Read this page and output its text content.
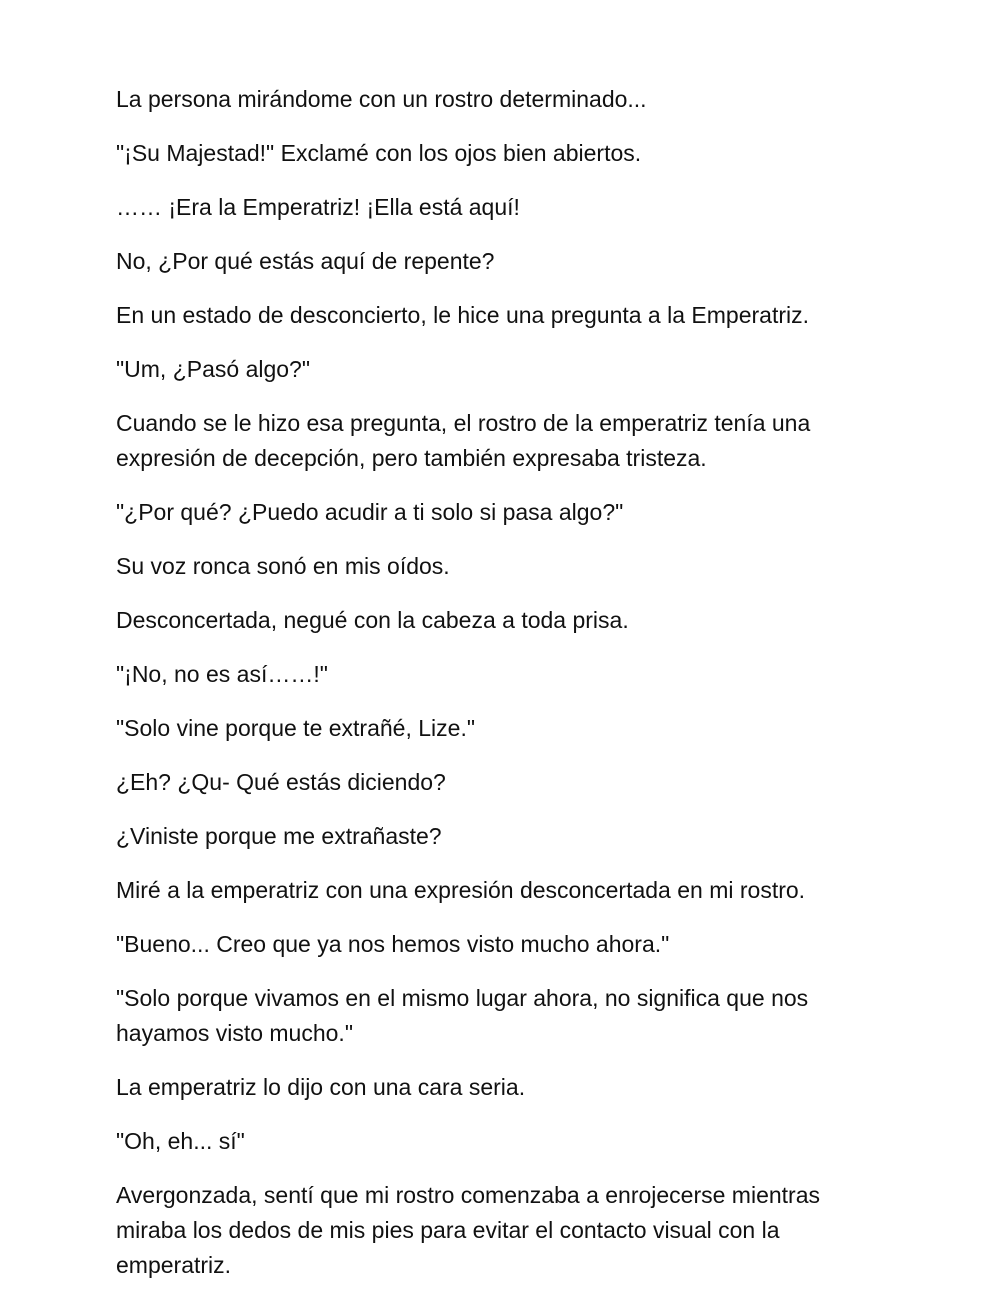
La persona mirándome con un rostro determinado...

"¡Su Majestad!" Exclamé con los ojos bien abiertos.

…… ¡Era la Emperatriz! ¡Ella está aquí!

No, ¿Por qué estás aquí de repente?

En un estado de desconcierto, le hice una pregunta a la Emperatriz.

"Um, ¿Pasó algo?"

Cuando se le hizo esa pregunta, el rostro de la emperatriz tenía una expresión de decepción, pero también expresaba tristeza.

"¿Por qué? ¿Puedo acudir a ti solo si pasa algo?"

Su voz ronca sonó en mis oídos.

Desconcertada, negué con la cabeza a toda prisa.

"¡No, no es así……!"

"Solo vine porque te extrañé, Lize."

¿Eh? ¿Qu- Qué estás diciendo?

¿Viniste porque me extrañaste?

Miré a la emperatriz con una expresión desconcertada en mi rostro.

"Bueno... Creo que ya nos hemos visto mucho ahora."

"Solo porque vivamos en el mismo lugar ahora, no significa que nos hayamos visto mucho."

La emperatriz lo dijo con una cara seria.

"Oh, eh... sí"

Avergonzada, sentí que mi rostro comenzaba a enrojecerse mientras miraba los dedos de mis pies para evitar el contacto visual con la emperatriz.
